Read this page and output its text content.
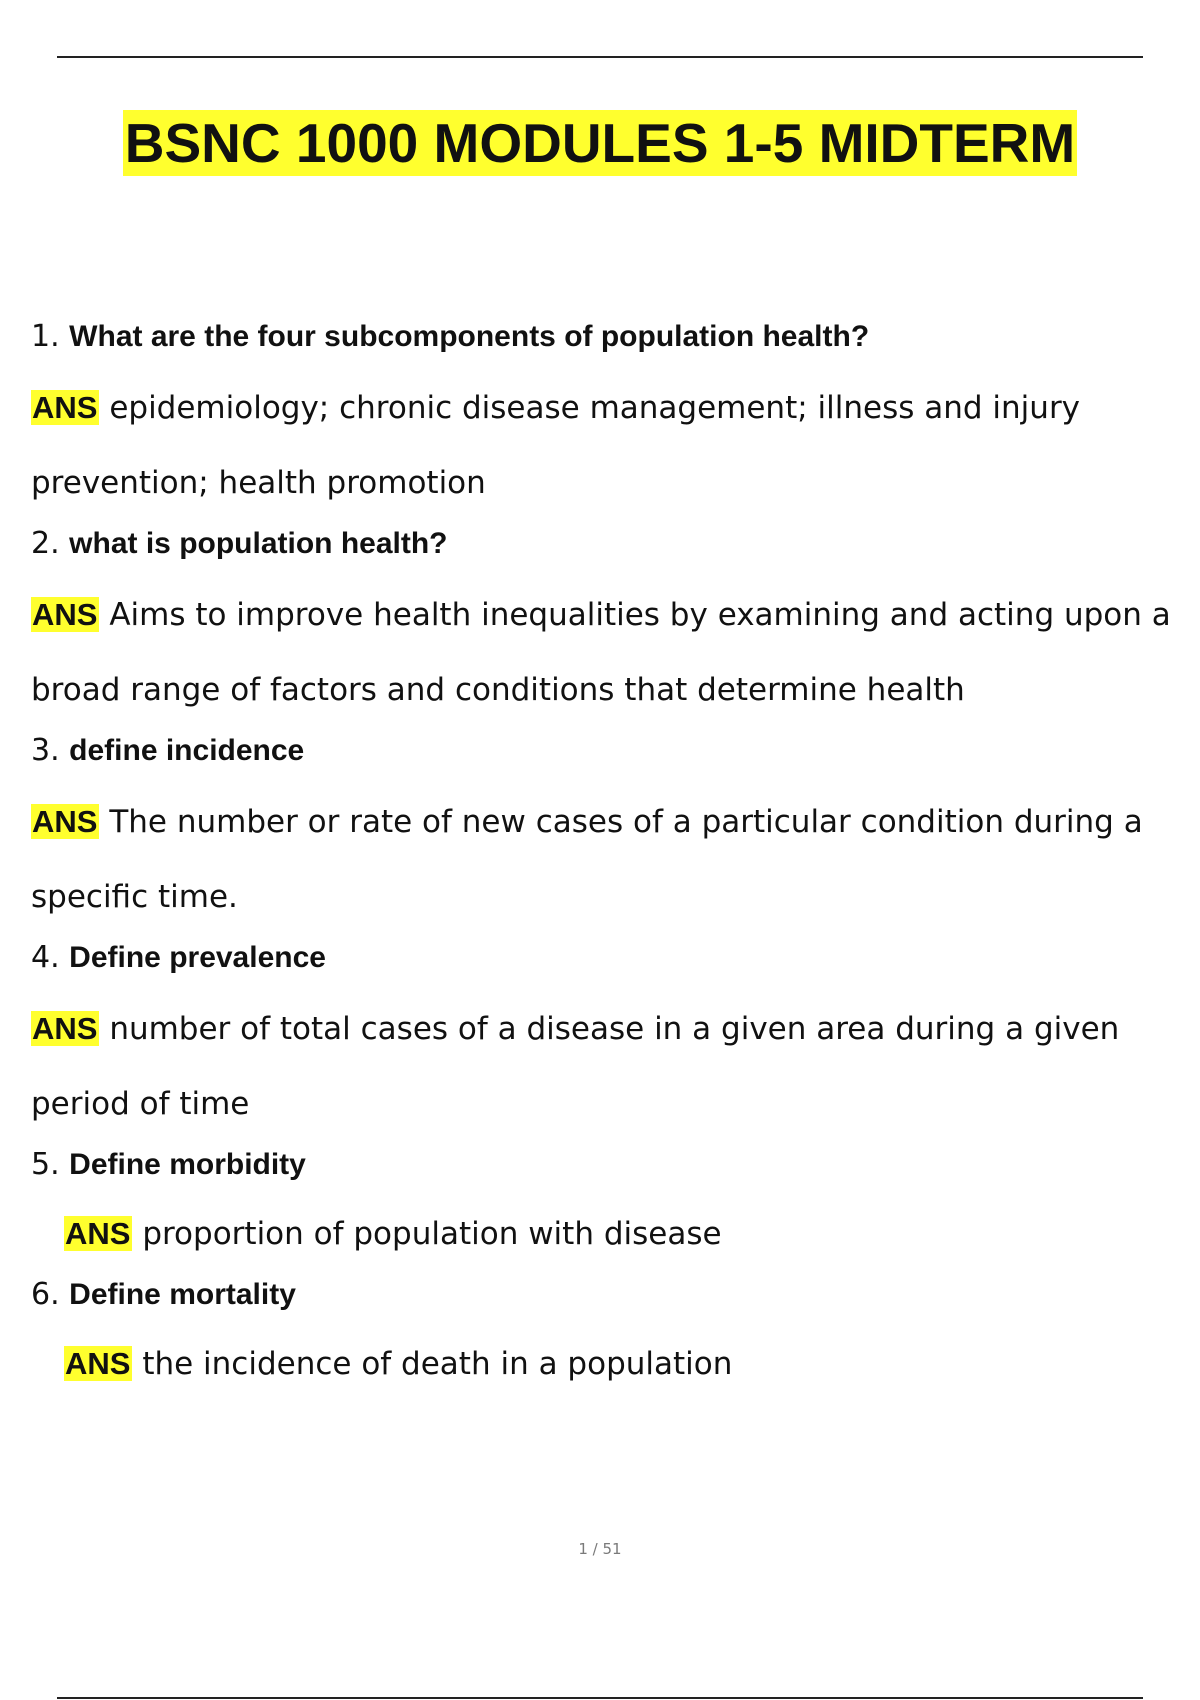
BSNC 1000 MODULES 1-5 MIDTERM
1. What are the four subcomponents of population health?
ANS epidemiology; chronic disease management; illness and injury prevention; health promotion
2. what is population health?
ANS Aims to improve health inequalities by examining and acting upon a broad range of factors and conditions that determine health
3. define incidence
ANS The number or rate of new cases of a particular condition during a specific time.
4. Define prevalence
ANS number of total cases of a disease in a given area during a given period of time
5. Define morbidity
ANS proportion of population with disease
6. Define mortality
ANS the incidence of death in a population
1 / 51
